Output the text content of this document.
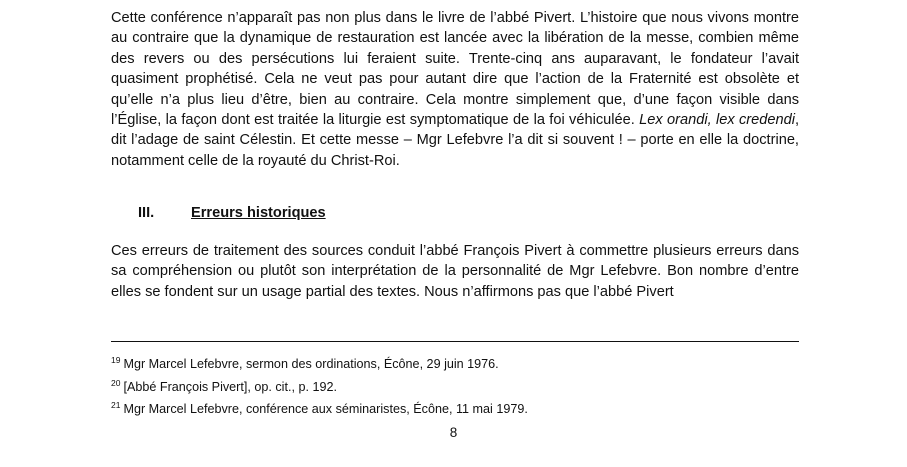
Cette conférence n’apparaît pas non plus dans le livre de l’abbé Pivert. L’histoire que nous vivons montre au contraire que la dynamique de restauration est lancée avec la libération de la messe, combien même des revers ou des persécutions lui feraient suite. Trente-cinq ans auparavant, le fondateur l’avait quasiment prophétisé. Cela ne veut pas pour autant dire que l’action de la Fraternité est obsolète et qu’elle n’a plus lieu d’être, bien au contraire. Cela montre simplement que, d’une façon visible dans l’Église, la façon dont est traitée la liturgie est symptomatique de la foi véhiculée. Lex orandi, lex credendi, dit l’adage de saint Célestin. Et cette messe – Mgr Lefebvre l’a dit si souvent ! – porte en elle la doctrine, notamment celle de la royauté du Christ-Roi.

III.	Erreurs historiques

Ces erreurs de traitement des sources conduit l’abbé François Pivert à commettre plusieurs erreurs dans sa compréhension ou plutôt son interprétation de la personnalité de Mgr Lefebvre. Bon nombre d’entre elles se fondent sur un usage partial des textes. Nous n’affirmons pas que l’abbé Pivert

$^{19}$ Mgr Marcel Lefebvre, sermon des ordinations, Écône, 29 juin 1976.
$^{20}$ [Abbé François Pivert], op. cit., p. 192.
$^{21}$ Mgr Marcel Lefebvre, conférence aux séminaristes, Écône, 11 mai 1979.
8
